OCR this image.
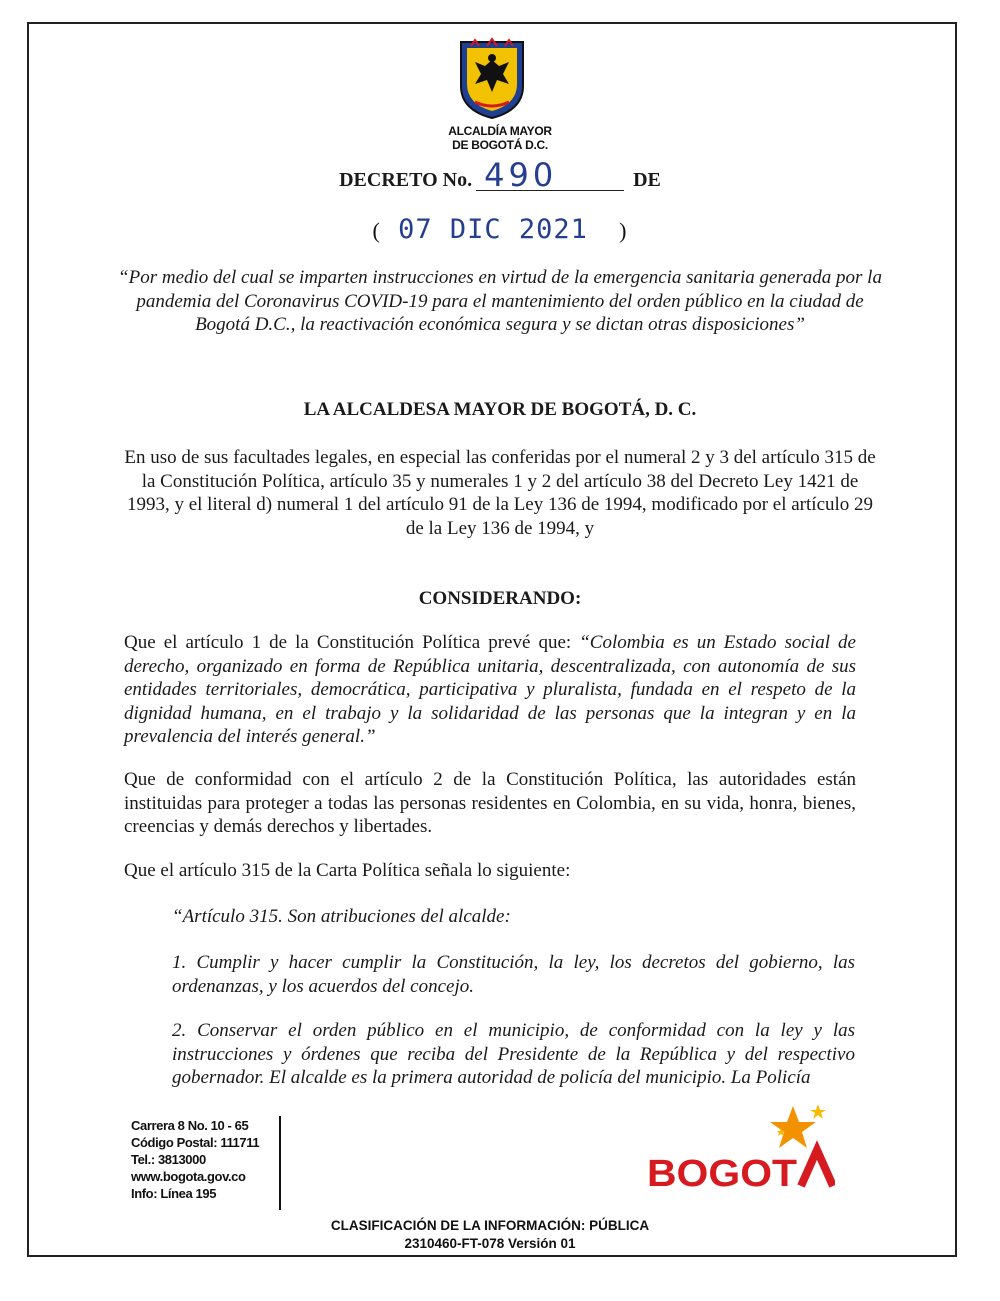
ALCALDÍA MAYOR
DE BOGOTÁ D.C.
DECRETO No. 490	DE
( 07 DIC 2021 )
“Por medio del cual se imparten instrucciones en virtud de la emergencia sanitaria generada por la pandemia del Coronavirus COVID-19 para el mantenimiento del orden público en la ciudad de Bogotá D.C., la reactivación económica segura y se dictan otras disposiciones”
LA ALCALDESA MAYOR DE BOGOTÁ, D. C.
En uso de sus facultades legales, en especial las conferidas por el numeral 2 y 3 del artículo 315 de la Constitución Política, artículo 35 y numerales 1 y 2 del artículo 38 del Decreto Ley 1421 de 1993, y el literal d) numeral 1 del artículo 91 de la Ley 136 de 1994, modificado por el artículo 29 de la Ley 136 de 1994, y
CONSIDERANDO:
Que el artículo 1 de la Constitución Política prevé que: “Colombia es un Estado social de derecho, organizado en forma de República unitaria, descentralizada, con autonomía de sus entidades territoriales, democrática, participativa y pluralista, fundada en el respeto de la dignidad humana, en el trabajo y la solidaridad de las personas que la integran y en la prevalencia del interés general.”
Que de conformidad con el artículo 2 de la Constitución Política, las autoridades están instituidas para proteger a todas las personas residentes en Colombia, en su vida, honra, bienes, creencias y demás derechos y libertades.
Que el artículo 315 de la Carta Política señala lo siguiente:
“Artículo 315. Son atribuciones del alcalde:
1. Cumplir y hacer cumplir la Constitución, la ley, los decretos del gobierno, las ordenanzas, y los acuerdos del concejo.
2. Conservar el orden público en el municipio, de conformidad con la ley y las instrucciones y órdenes que reciba del Presidente de la República y del respectivo gobernador. El alcalde es la primera autoridad de policía del municipio. La Policía
Carrera 8 No. 10 - 65
Código Postal: 111711
Tel.: 3813000
www.bogota.gov.co
Info: Línea 195	BOGOT
CLASIFICACIÓN DE LA INFORMACIÓN: PÚBLICA
2310460-FT-078 Versión 01
